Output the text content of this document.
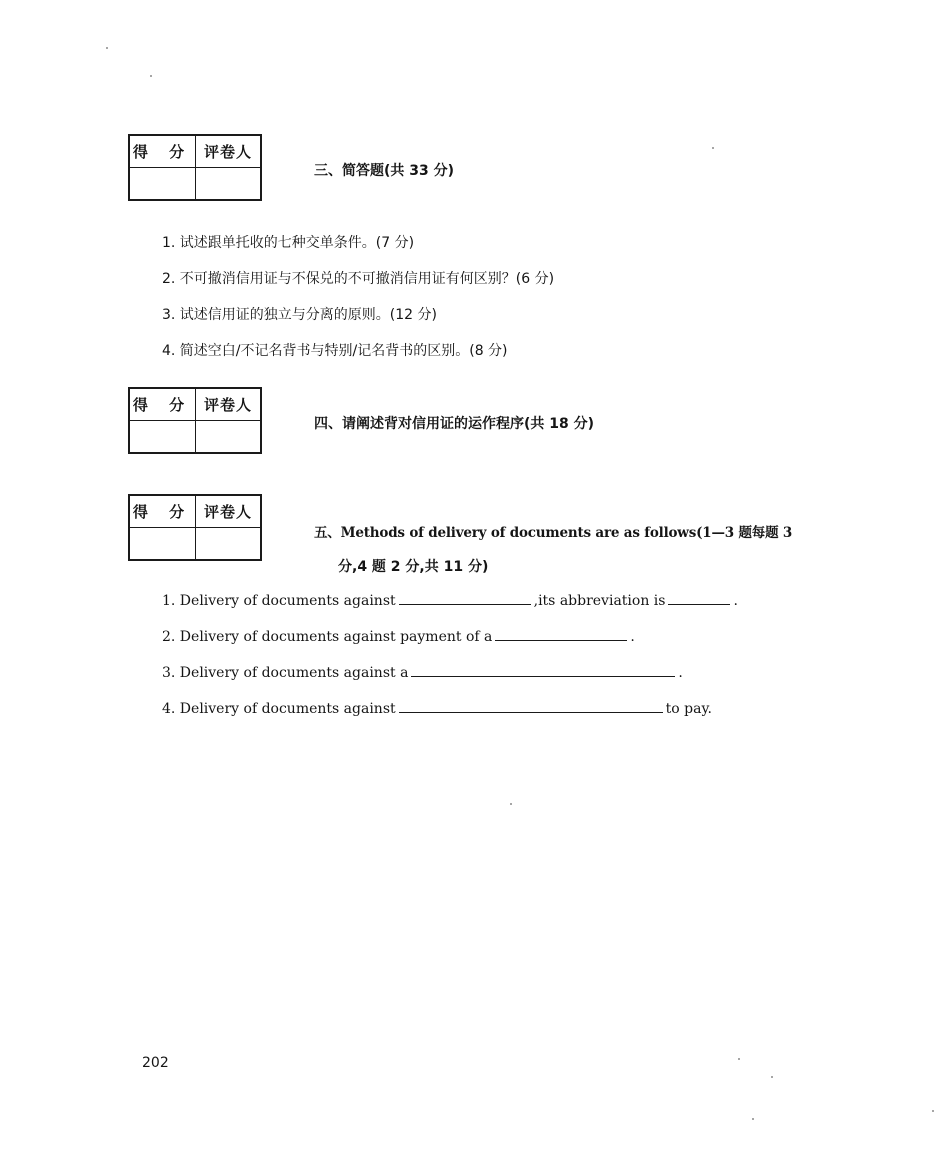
得 分 评卷人
三、简答题(共 33 分)
1. 试述跟单托收的七种交单条件。(7 分)
2. 不可撤消信用证与不保兑的不可撤消信用证有何区别？(6 分)
3. 试述信用证的独立与分离的原则。(12 分)
4. 简述空白/不记名背书与特别/记名背书的区别。(8 分)
得 分 评卷人
四、请阐述背对信用证的运作程序(共 18 分)
得 分 评卷人
五、Methods of delivery of documents are as follows(1—3 题每题 3
分,4 题 2 分,共 11 分)
1. Delivery of documents against	,its abbreviation is	.
2. Delivery of documents against payment of a	.
3. Delivery of documents against a	.
4. Delivery of documents against	to pay.
202
